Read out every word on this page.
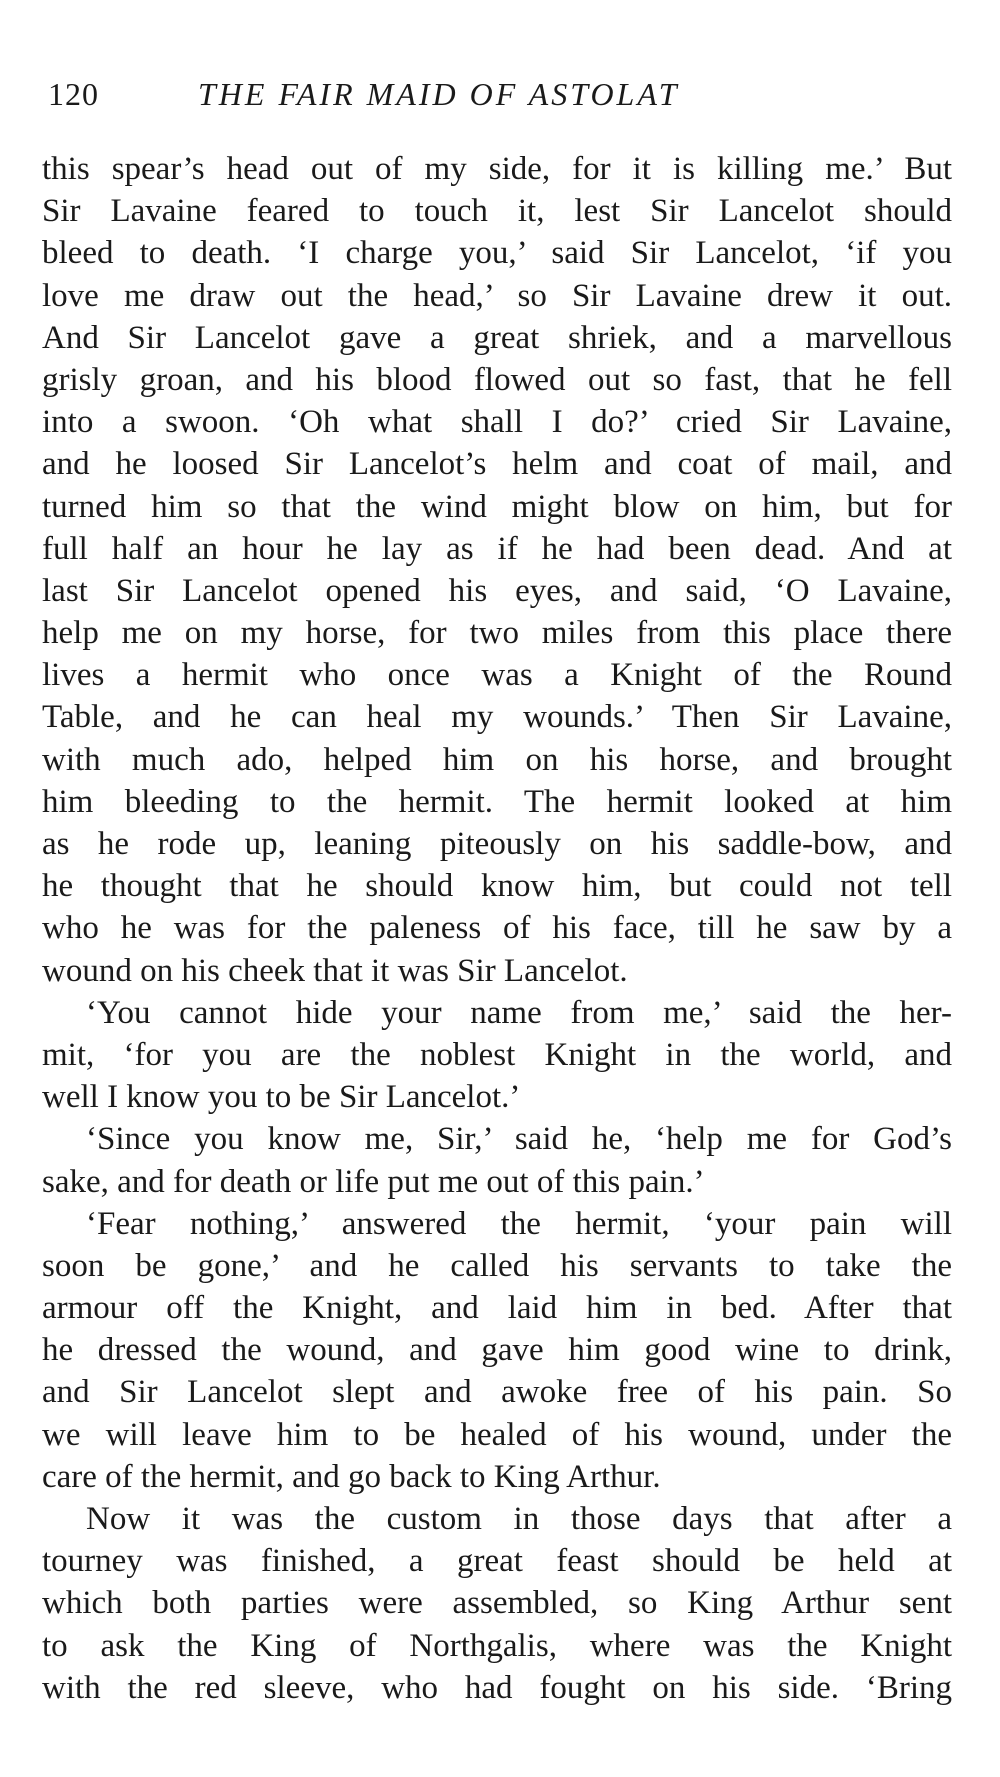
120	THE FAIR MAID OF ASTOLAT
this spear’s head out of my side, for it is killing me.’ But
Sir Lavaine feared to touch it, lest Sir Lancelot should
bleed to death. ‘I charge you,’ said Sir Lancelot, ‘if you
love me draw out the head,’ so Sir Lavaine drew it out.
And Sir Lancelot gave a great shriek, and a marvellous
grisly groan, and his blood flowed out so fast, that he fell
into a swoon. ‘Oh what shall I do?’ cried Sir Lavaine,
and he loosed Sir Lancelot’s helm and coat of mail, and
turned him so that the wind might blow on him, but for
full half an hour he lay as if he had been dead. And at
last Sir Lancelot opened his eyes, and said, ‘O Lavaine,
help me on my horse, for two miles from this place there
lives a hermit who once was a Knight of the Round
Table, and he can heal my wounds.’ Then Sir Lavaine,
with much ado, helped him on his horse, and brought
him bleeding to the hermit. The hermit looked at him
as he rode up, leaning piteously on his saddle-bow, and
he thought that he should know him, but could not tell
who he was for the paleness of his face, till he saw by a
wound on his cheek that it was Sir Lancelot.
‘You cannot hide your name from me,’ said the her-
mit, ‘for you are the noblest Knight in the world, and
well I know you to be Sir Lancelot.’
‘Since you know me, Sir,’ said he, ‘help me for God’s
sake, and for death or life put me out of this pain.’
‘Fear nothing,’ answered the hermit, ‘your pain will
soon be gone,’ and he called his servants to take the
armour off the Knight, and laid him in bed. After that
he dressed the wound, and gave him good wine to drink,
and Sir Lancelot slept and awoke free of his pain. So
we will leave him to be healed of his wound, under the
care of the hermit, and go back to King Arthur.
Now it was the custom in those days that after a
tourney was finished, a great feast should be held at
which both parties were assembled, so King Arthur sent
to ask the King of Northgalis, where was the Knight
with the red sleeve, who had fought on his side. ‘Bring
